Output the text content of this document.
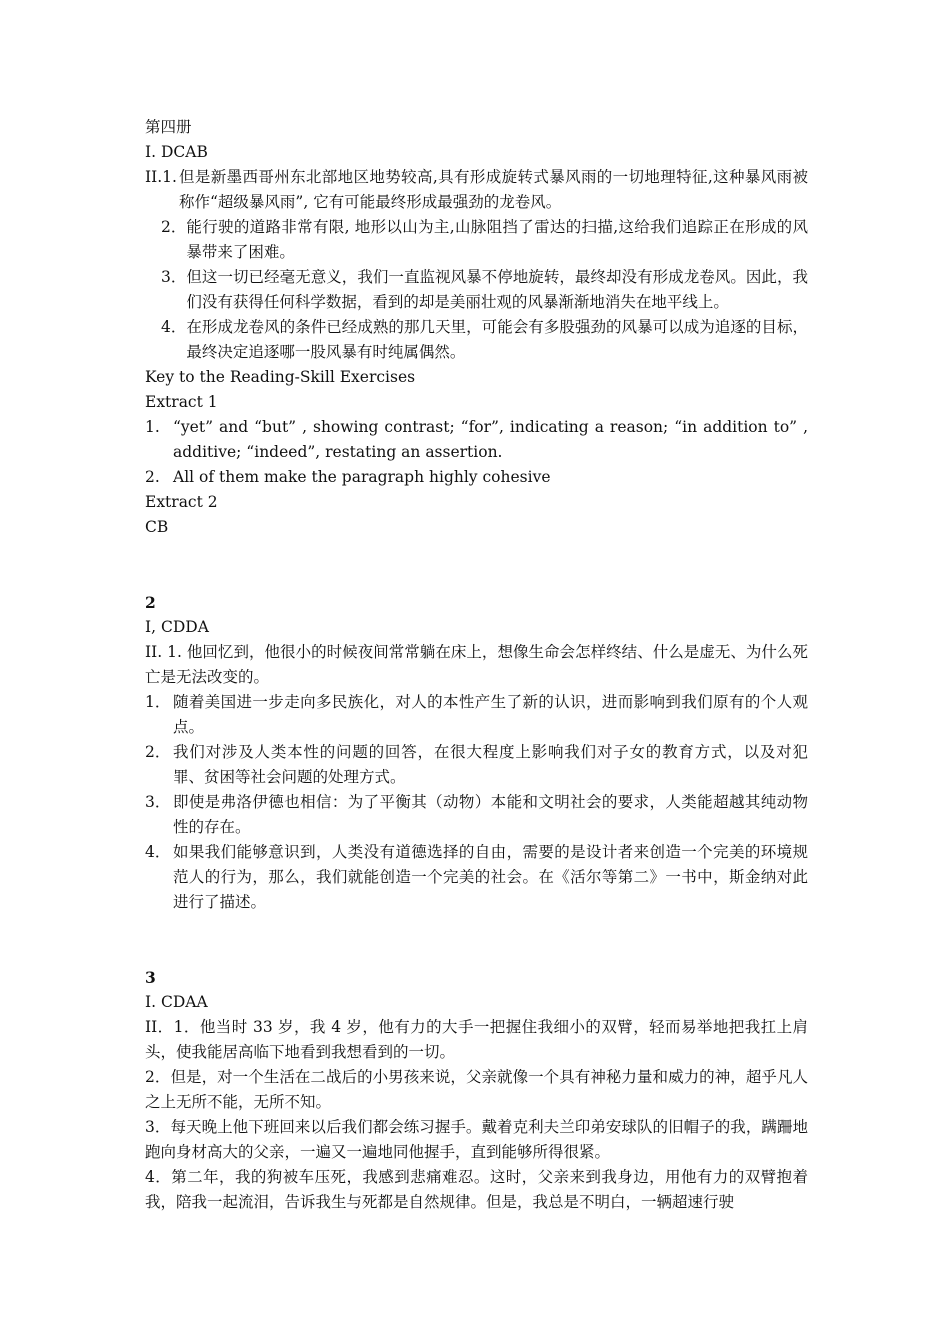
第四册
I. DCAB
II.1. 但是新墨西哥州东北部地区地势较高,具有形成旋转式暴风雨的一切地理特征,这种暴风雨被称作“超级暴风雨”, 它有可能最终形成最强劲的龙卷风。
2． 能行驶的道路非常有限, 地形以山为主,山脉阻挡了雷达的扫描,这给我们追踪正在形成的风暴带来了困难。
3． 但这一切已经毫无意义，我们一直监视风暴不停地旋转，最终却没有形成龙卷风。因此，我们没有获得任何科学数据，看到的却是美丽壮观的风暴渐渐地消失在地平线上。
4． 在形成龙卷风的条件已经成熟的那几天里，可能会有多股强劲的风暴可以成为追逐的目标，最终决定追逐哪一股风暴有时纯属偶然。
Key to the Reading-Skill Exercises
Extract 1
1. “yet” and “but” , showing contrast; “for”, indicating a reason; “in addition to” , additive; “indeed”, restating an assertion.
2. All of them make the paragraph highly cohesive
Extract 2
CB
2
I, CDDA
II. 1. 他回忆到，他很小的时候夜间常常躺在床上，想像生命会怎样终结、什么是虚无、为什么死亡是无法改变的。
1． 随着美国进一步走向多民族化，对人的本性产生了新的认识，进而影响到我们原有的个人观点。
2． 我们对涉及人类本性的问题的回答，在很大程度上影响我们对子女的教育方式，以及对犯罪、贫困等社会问题的处理方式。
3． 即使是弗洛伊德也相信：为了平衡其（动物）本能和文明社会的要求，人类能超越其纯动物性的存在。
4． 如果我们能够意识到，人类没有道德选择的自由，需要的是设计者来创造一个完美的环境规范人的行为，那么，我们就能创造一个完美的社会。在《活尔等第二》一书中，斯金纳对此进行了描述。
3
I. CDAA
II．1．他当时 33 岁，我 4 岁，他有力的大手一把握住我细小的双臂，轻而易举地把我扛上肩头，使我能居高临下地看到我想看到的一切。
2．但是，对一个生活在二战后的小男孩来说，父亲就像一个具有神秘力量和威力的神，超乎凡人之上无所不能，无所不知。
3．每天晚上他下班回来以后我们都会练习握手。戴着克利夫兰印弟安球队的旧帽子的我，蹒跚地跑向身材高大的父亲，一遍又一遍地同他握手，直到能够所得很紧。
4．第二年，我的狗被车压死，我感到悲痛难忍。这时，父亲来到我身边，用他有力的双臂抱着我，陪我一起流泪，告诉我生与死都是自然规律。但是，我总是不明白，一辆超速行驶
